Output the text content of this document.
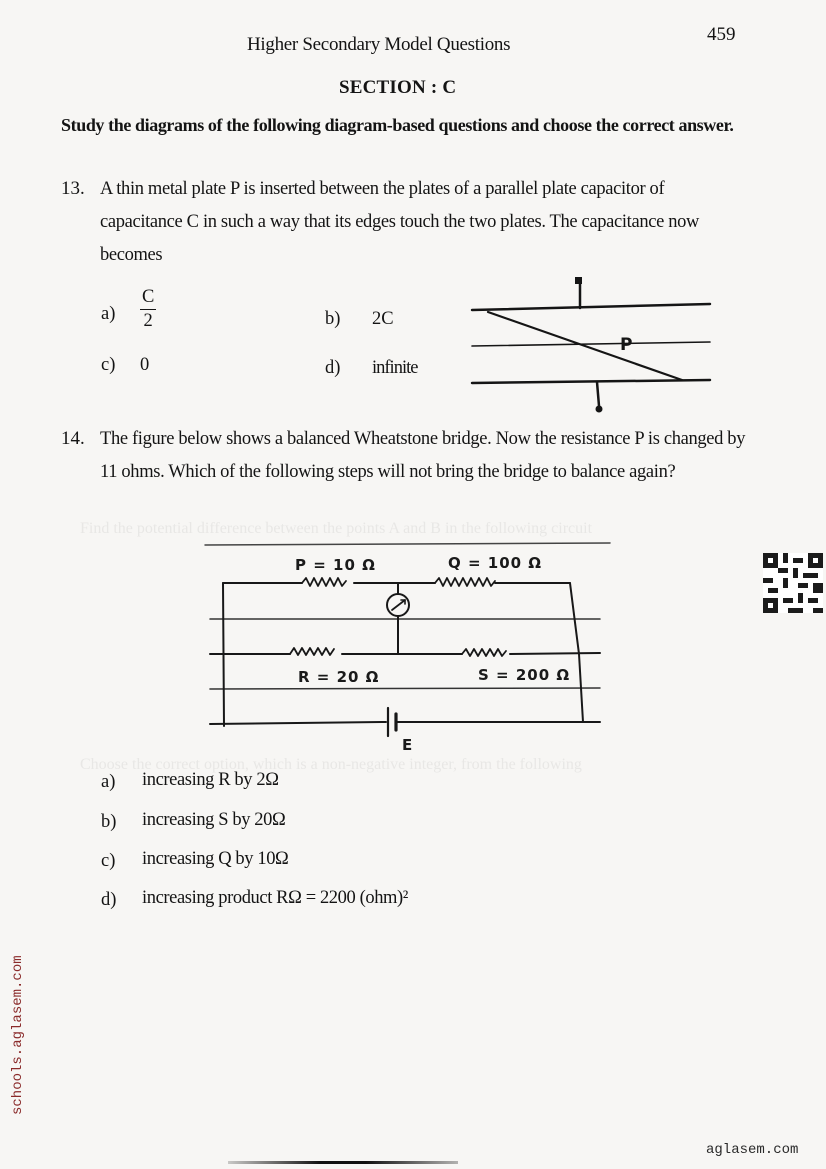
Find the potential difference between the points A and B in the following circuit
Choose the correct option, which is a non-negative integer, from the following
Higher Secondary Model Questions	459
SECTION : C
Study the diagrams of the following diagram-based questions and choose the correct answer.
13. A thin metal plate P is inserted between the plates of a parallel plate capacitor of capacitance C in such a way that its edges touch the two plates. The capacitance now becomes
$a) \frac{C}{2}$	b) 2C
c) 0	d) infinite
P
14. The figure below shows a balanced Wheatstone bridge. Now the resistance P is changed by 11 ohms. Which of the following steps will not bring the bridge to balance again?
P = 10 Ω	Q = 100 Ω
R = 20 Ω	S = 200 Ω
E
a) increasing R by 2Ω
b) increasing S by 20Ω
c) increasing Q by 10Ω
d) increasing product RΩ = 2200 (ohm)²
schools.aglasem.com
aglasem.com
